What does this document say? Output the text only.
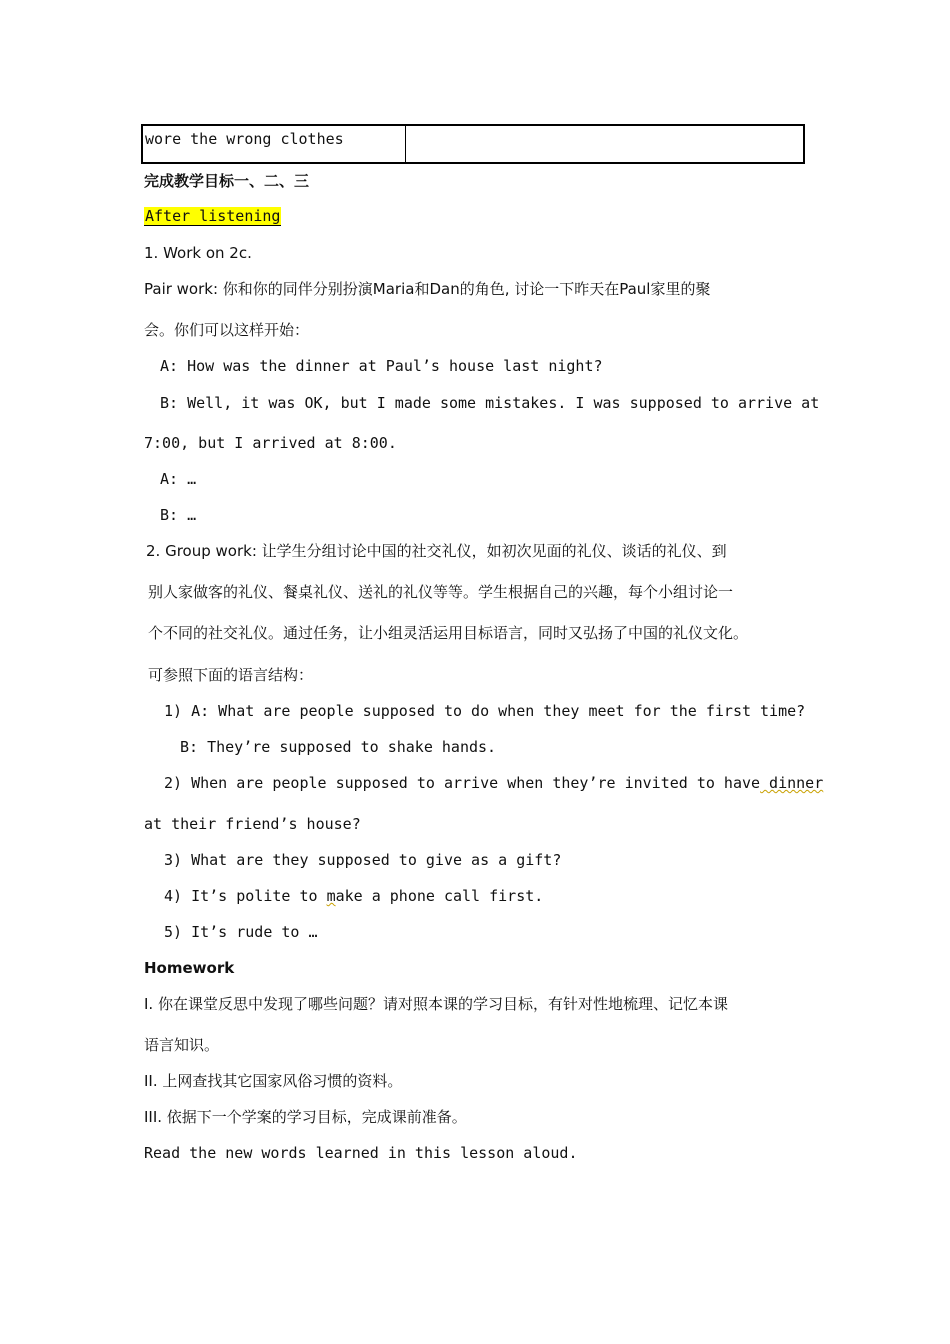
wore the wrong clothes
完成教学目标一、二、三
After listening
1. Work on 2c.
Pair work: 你和你的同伴分别扮演Maria和Dan的角色, 讨论一下昨天在Paul家里的聚
会。你们可以这样开始：
A: How was the dinner at Paul’s house last night?
B: Well, it was OK, but I made some mistakes. I was supposed to arrive at
7:00, but I arrived at 8:00.
A: …
B: …
2. Group work: 让学生分组讨论中国的社交礼仪，如初次见面的礼仪、谈话的礼仪、到
别人家做客的礼仪、餐桌礼仪、送礼的礼仪等等。学生根据自己的兴趣，每个小组讨论一
个不同的社交礼仪。通过任务，让小组灵活运用目标语言，同时又弘扬了中国的礼仪文化。
可参照下面的语言结构：
1) A: What are people supposed to do when they meet for the first time?
B: They’re supposed to shake hands.
2) When are people supposed to arrive when they’re invited to have dinner
at their friend’s house?
3) What are they supposed to give as a gift?
4) It’s polite to make a phone call first.
5) It’s rude to …
Homework
I. 你在课堂反思中发现了哪些问题？请对照本课的学习目标，有针对性地梳理、记忆本课
语言知识。
II. 上网查找其它国家风俗习惯的资料。
III. 依据下一个学案的学习目标，完成课前准备。
Read the new words learned in this lesson aloud.
